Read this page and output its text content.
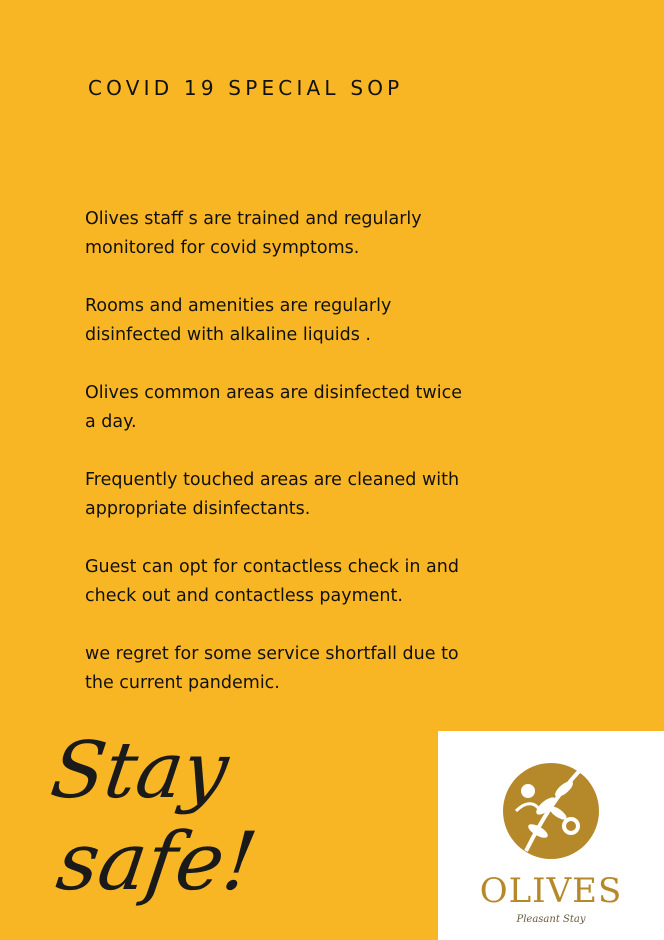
COVID 19 SPECIAL SOP

Olives staff s are trained and regularly monitored for covid symptoms.

Rooms and amenities are regularly disinfected with alkaline liquids .

Olives common areas are disinfected twice a day.

Frequently touched areas are cleaned with appropriate disinfectants.

Guest can opt for contactless check in and check out and contactless payment.

we regret for some service shortfall due to the current pandemic.

Stay
safe!	OLIVES
Pleasant Stay
